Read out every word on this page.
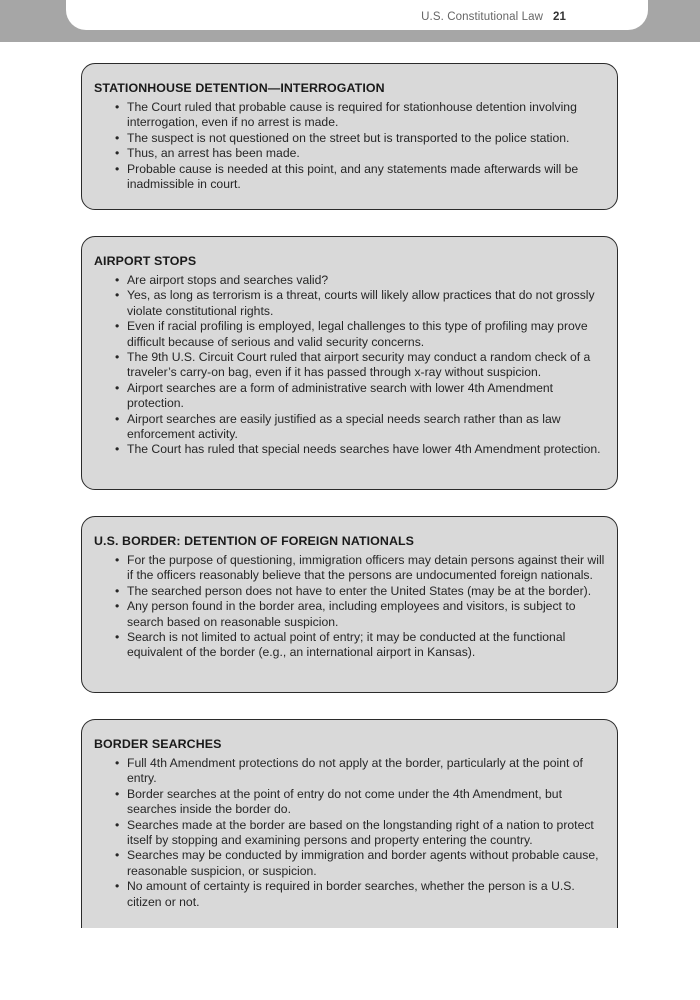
U.S. Constitutional Law 21
STATIONHOUSE DETENTION—INTERROGATION
• The Court ruled that probable cause is required for stationhouse detention involving interrogation, even if no arrest is made.
• The suspect is not questioned on the street but is transported to the police station.
• Thus, an arrest has been made.
• Probable cause is needed at this point, and any statements made afterwards will be inadmissible in court.
AIRPORT STOPS
• Are airport stops and searches valid?
• Yes, as long as terrorism is a threat, courts will likely allow practices that do not grossly violate constitutional rights.
• Even if racial profiling is employed, legal challenges to this type of profiling may prove difficult because of serious and valid security concerns.
• The 9th U.S. Circuit Court ruled that airport security may conduct a random check of a traveler’s carry-on bag, even if it has passed through x-ray without suspicion.
• Airport searches are a form of administrative search with lower 4th Amendment protection.
• Airport searches are easily justified as a special needs search rather than as law enforcement activity.
• The Court has ruled that special needs searches have lower 4th Amendment protection.
U.S. BORDER: DETENTION OF FOREIGN NATIONALS
• For the purpose of questioning, immigration officers may detain persons against their will if the officers reasonably believe that the persons are undocumented foreign nationals.
• The searched person does not have to enter the United States (may be at the border).
• Any person found in the border area, including employees and visitors, is subject to search based on reasonable suspicion.
• Search is not limited to actual point of entry; it may be conducted at the functional equivalent of the border (e.g., an international airport in Kansas).
BORDER SEARCHES
• Full 4th Amendment protections do not apply at the border, particularly at the point of entry.
• Border searches at the point of entry do not come under the 4th Amendment, but searches inside the border do.
• Searches made at the border are based on the longstanding right of a nation to protect itself by stopping and examining persons and property entering the country.
• Searches may be conducted by immigration and border agents without probable cause, reasonable suspicion, or suspicion.
• No amount of certainty is required in border searches, whether the person is a U.S. citizen or not.
